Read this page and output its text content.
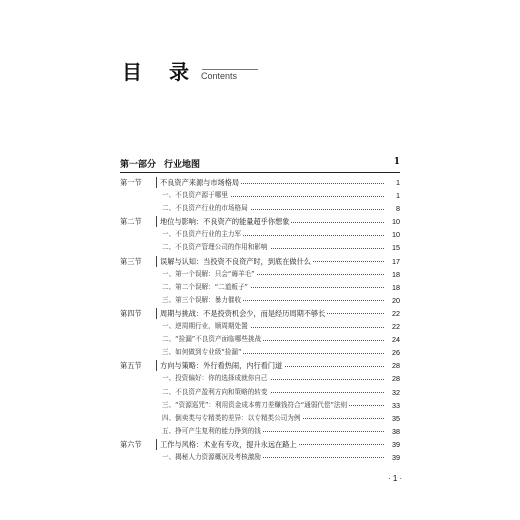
目 录 Contents
第一部分 行业地图	1
第一节	不良资产来源与市场格局	1
一、不良资产源于哪里	1
二、不良资产行业的市场格局	8
第二节	地位与影响：不良资产的能量超乎你想象	10
一、不良资产行业的主力军	10
二、不良资产管理公司的作用和影响	15
第三节	误解与认知：当投资不良资产时，到底在做什么	17
一、第一个误解：只会“薅羊毛”	18
二、第二个误解：“二道贩子”	18
三、第三个误解：暴力催收	20
第四节	周期与挑战：不是投资机会少，而是经历周期不够长	22
一、逆周期行业，顺周期处置	22
二、“捡漏”不良资产面临哪些挑战	24
三、如何做到专业级“捡漏”	26
第五节	方向与策略：外行看热闹，内行看门道	28
一、投资偏好：你的选择成就你自己	28
二、不良资产盈利方向和策略的转变	32
三、“资源巡咒”：利用资金成本剪刀差赚钱符合“通弱代偿”法则	33
四、倒卖类与专精类的差异：以专精类公司为例	35
五、挣可产生复利的能力挣到的钱	38
第六节	工作与风格：术业有专攻，提升永远在路上	39
一、揭秘人力资源概况及考核激励	39
· 1 ·
